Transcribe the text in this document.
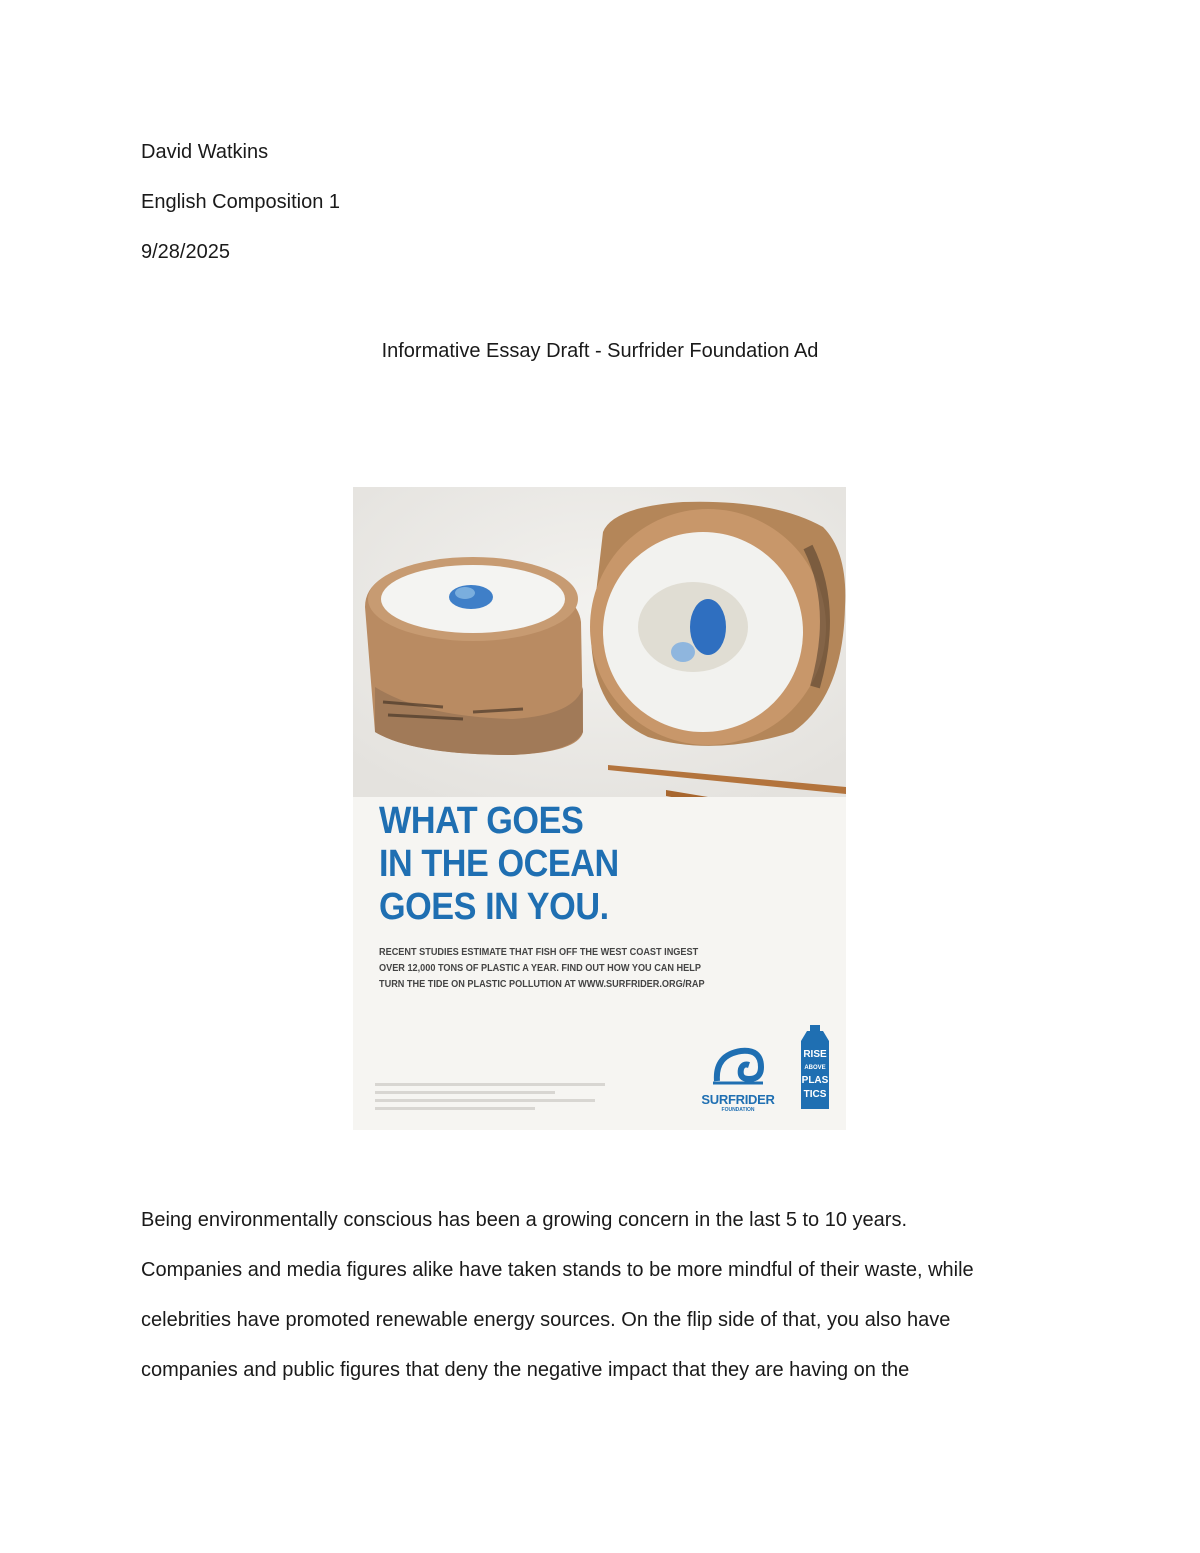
David Watkins
English Composition 1
9/28/2025
Informative Essay Draft - Surfrider Foundation Ad
WHAT GOES
IN THE OCEAN
GOES IN YOU.
RECENT STUDIES ESTIMATE THAT FISH OFF THE WEST COAST INGEST
OVER 12,000 TONS OF PLASTIC A YEAR. FIND OUT HOW YOU CAN HELP
TURN THE TIDE ON PLASTIC POLLUTION AT WWW.SURFRIDER.ORG/RAP
SURFRIDER
FOUNDATION
RISE
ABOVE
PLAS
TICS
Being environmentally conscious has been a growing concern in the last 5 to 10 years.
Companies and media figures alike have taken stands to be more mindful of their waste, while
celebrities have promoted renewable energy sources. On the flip side of that, you also have
companies and public figures that deny the negative impact that they are having on the
